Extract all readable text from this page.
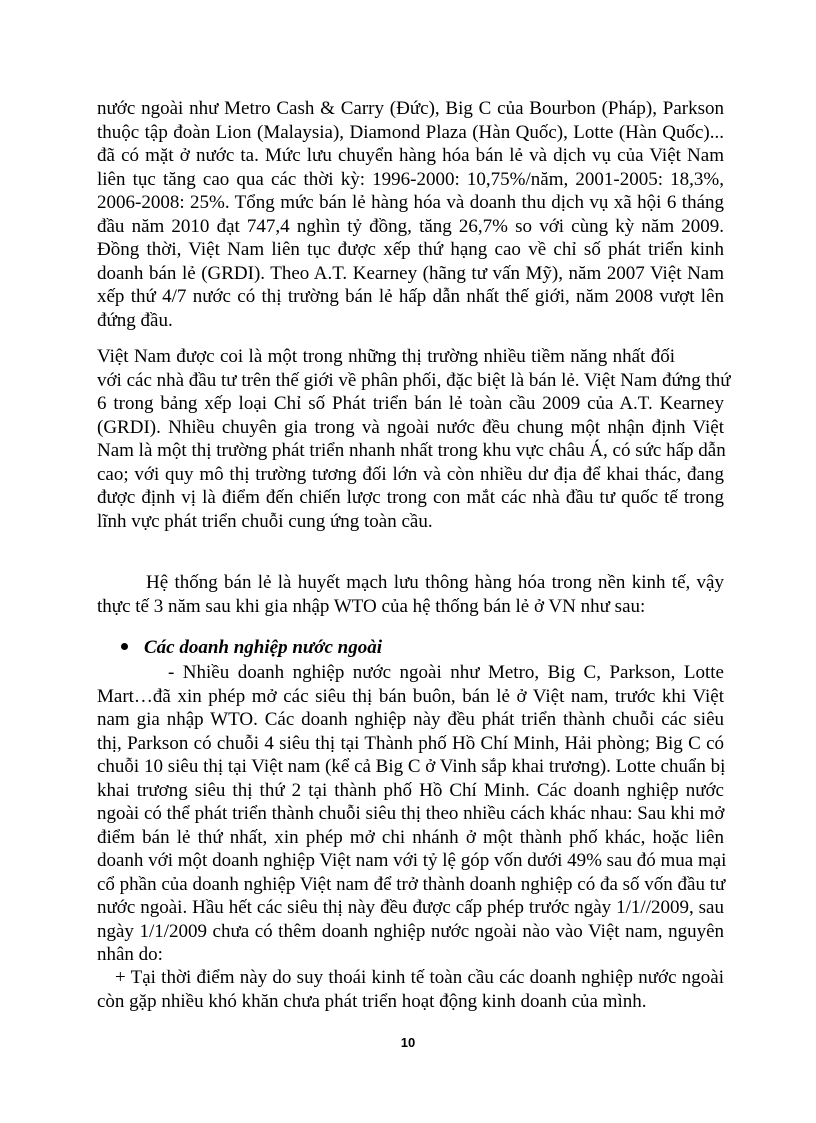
nước ngoài như Metro Cash & Carry (Đức), Big C của Bourbon (Pháp), Parkson
thuộc tập đoàn Lion (Malaysia), Diamond Plaza (Hàn Quốc), Lotte (Hàn Quốc)...
đã có mặt ở nước ta. Mức lưu chuyển hàng hóa bán lẻ và dịch vụ của Việt Nam
liên tục tăng cao qua các thời kỳ: 1996-2000: 10,75%/năm, 2001-2005: 18,3%,
2006-2008: 25%. Tổng mức bán lẻ hàng hóa và doanh thu dịch vụ xã hội 6 tháng
đầu năm 2010 đạt 747,4 nghìn tỷ đồng, tăng 26,7% so với cùng kỳ năm 2009.
Đồng thời, Việt Nam liên tục được xếp thứ hạng cao về chỉ số phát triển kinh
doanh bán lẻ (GRDI). Theo A.T. Kearney (hãng tư vấn Mỹ), năm 2007 Việt Nam
xếp thứ 4/7 nước có thị trường bán lẻ hấp dẫn nhất thế giới, năm 2008 vượt lên
đứng đầu.
Việt Nam được coi là một trong những thị trường nhiều tiềm năng nhất đối
với các nhà đầu tư trên thế giới về phân phối, đặc biệt là bán lẻ. Việt Nam đứng thứ
6 trong bảng xếp loại Chỉ số Phát triển bán lẻ toàn cầu 2009 của A.T. Kearney
(GRDI). Nhiều chuyên gia trong và ngoài nước đều chung một nhận định Việt
Nam là một thị trường phát triển nhanh nhất trong khu vực châu Á, có sức hấp dẫn
cao; với quy mô thị trường tương đối lớn và còn nhiều dư địa để khai thác, đang
được định vị là điểm đến chiến lược trong con mắt các nhà đầu tư quốc tế trong
lĩnh vực phát triển chuỗi cung ứng toàn cầu.
Hệ thống bán lẻ là huyết mạch lưu thông hàng hóa trong nền kinh tế, vậy
thực tế 3 năm sau khi gia nhập WTO của hệ thống bán lẻ ở VN như sau:
Các doanh nghiệp nước ngoài
- Nhiều doanh nghiệp nước ngoài như Metro, Big C, Parkson, Lotte
Mart…đã xin phép mở các siêu thị bán buôn, bán lẻ ở Việt nam, trước khi Việt
nam gia nhập WTO. Các doanh nghiệp này đều phát triển thành chuỗi các siêu
thị, Parkson có chuỗi 4 siêu thị tại Thành phố Hồ Chí Minh, Hải phòng; Big C có
chuỗi 10 siêu thị tại Việt nam (kể cả Big C ở Vinh sắp khai trương). Lotte chuẩn bị
khai trương siêu thị thứ 2 tại thành phố Hồ Chí Minh. Các doanh nghiệp nước
ngoài có thể phát triển thành chuỗi siêu thị theo nhiều cách khác nhau: Sau khi mở
điểm bán lẻ thứ nhất, xin phép mở chi nhánh ở một thành phố khác, hoặc liên
doanh với một doanh nghiệp Việt nam với tỷ lệ góp vốn dưới 49% sau đó mua mại
cổ phần của doanh nghiệp Việt nam để trở thành doanh nghiệp có đa số vốn đầu tư
nước ngoài. Hầu hết các siêu thị này đều được cấp phép trước ngày 1/1//2009, sau
ngày 1/1/2009 chưa có thêm doanh nghiệp nước ngoài nào vào Việt nam, nguyên
nhân do:
+ Tại thời điểm này do suy thoái kinh tế toàn cầu các doanh nghiệp nước ngoài
còn gặp nhiều khó khăn chưa phát triển hoạt động kinh doanh của mình.
10
